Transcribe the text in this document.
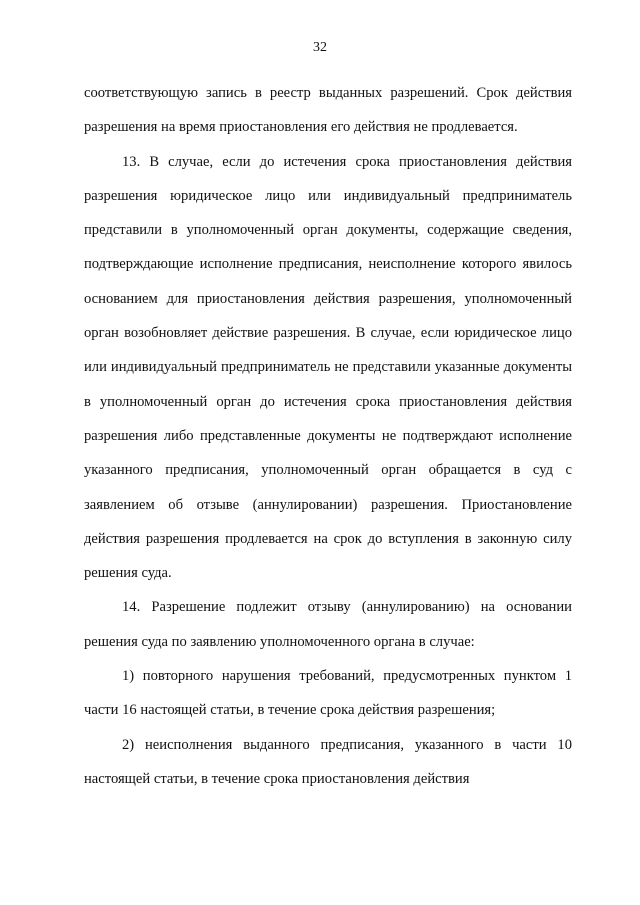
32

соответствующую запись в реестр выданных разрешений. Срок действия разрешения на время приостановления его действия не продлевается.

13. В случае, если до истечения срока приостановления действия разрешения юридическое лицо или индивидуальный предприниматель представили в уполномоченный орган документы, содержащие сведения, подтверждающие исполнение предписания, неисполнение которого явилось основанием для приостановления действия разрешения, уполномоченный орган возобновляет действие разрешения. В случае, если юридическое лицо или индивидуальный предприниматель не представили указанные документы в уполномоченный орган до истечения срока приостановления действия разрешения либо представленные документы не подтверждают исполнение указанного предписания, уполномоченный орган обращается в суд с заявлением об отзыве (аннулировании) разрешения. Приостановление действия разрешения продлевается на срок до вступления в законную силу решения суда.

14. Разрешение подлежит отзыву (аннулированию) на основании решения суда по заявлению уполномоченного органа в случае:

1) повторного нарушения требований, предусмотренных пунктом 1 части 16 настоящей статьи, в течение срока действия разрешения;

2) неисполнения выданного предписания, указанного в части 10 настоящей статьи, в течение срока приостановления действия
